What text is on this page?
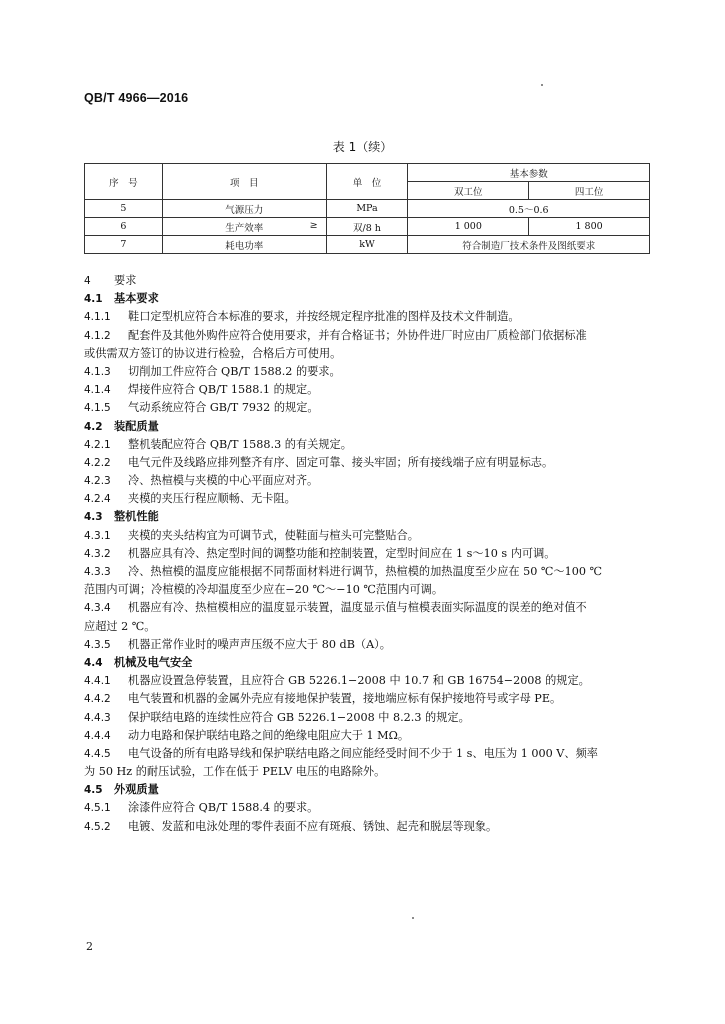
QB/T 4966—2016
表 1（续）
序　号	项　目	单　位	基本参数	
			双工位	四工位
5	气源压力	MPa	0.5～0.6	
6	生产效率 ≥	双/8 h	1 000	1 800
7	耗电功率	kW	符合制造厂技术条件及图纸要求	
4 要求
4.1 基本要求
4.1.1 鞋口定型机应符合本标准的要求，并按经规定程序批准的图样及技术文件制造。
4.1.2 配套件及其他外购件应符合使用要求，并有合格证书；外协件进厂时应由厂质检部门依据标准
或供需双方签订的协议进行检验，合格后方可使用。
4.1.3 切削加工件应符合 QB/T 1588.2 的要求。
4.1.4 焊接件应符合 QB/T 1588.1 的规定。
4.1.5 气动系统应符合 GB/T 7932 的规定。
4.2 装配质量
4.2.1 整机装配应符合 QB/T 1588.3 的有关规定。
4.2.2 电气元件及线路应排列整齐有序、固定可靠、接头牢固；所有接线端子应有明显标志。
4.2.3 冷、热楦模与夹模的中心平面应对齐。
4.2.4 夹模的夹压行程应顺畅、无卡阻。
4.3 整机性能
4.3.1 夹模的夹头结构宜为可调节式，使鞋面与楦头可完整贴合。
4.3.2 机器应具有冷、热定型时间的调整功能和控制装置，定型时间应在 1 s～10 s 内可调。
4.3.3 冷、热楦模的温度应能根据不同帮面材料进行调节，热楦模的加热温度至少应在 50 ℃～100 ℃
范围内可调；冷楦模的冷却温度至少应在−20 ℃～−10 ℃范围内可调。
4.3.4 机器应有冷、热楦模相应的温度显示装置，温度显示值与楦模表面实际温度的误差的绝对值不
应超过 2 ℃。
4.3.5 机器正常作业时的噪声声压级不应大于 80 dB（A）。
4.4 机械及电气安全
4.4.1 机器应设置急停装置，且应符合 GB 5226.1−2008 中 10.7 和 GB 16754−2008 的规定。
4.4.2 电气装置和机器的金属外壳应有接地保护装置，接地端应标有保护接地符号或字母 PE。
4.4.3 保护联结电路的连续性应符合 GB 5226.1−2008 中 8.2.3 的规定。
4.4.4 动力电路和保护联结电路之间的绝缘电阻应大于 1 MΩ。
4.4.5 电气设备的所有电路导线和保护联结电路之间应能经受时间不少于 1 s、电压为 1 000 V、频率
为 50 Hz 的耐压试验，工作在低于 PELV 电压的电路除外。
4.5 外观质量
4.5.1 涂漆件应符合 QB/T 1588.4 的要求。
4.5.2 电镀、发蓝和电泳处理的零件表面不应有斑痕、锈蚀、起壳和脱层等现象。
2
